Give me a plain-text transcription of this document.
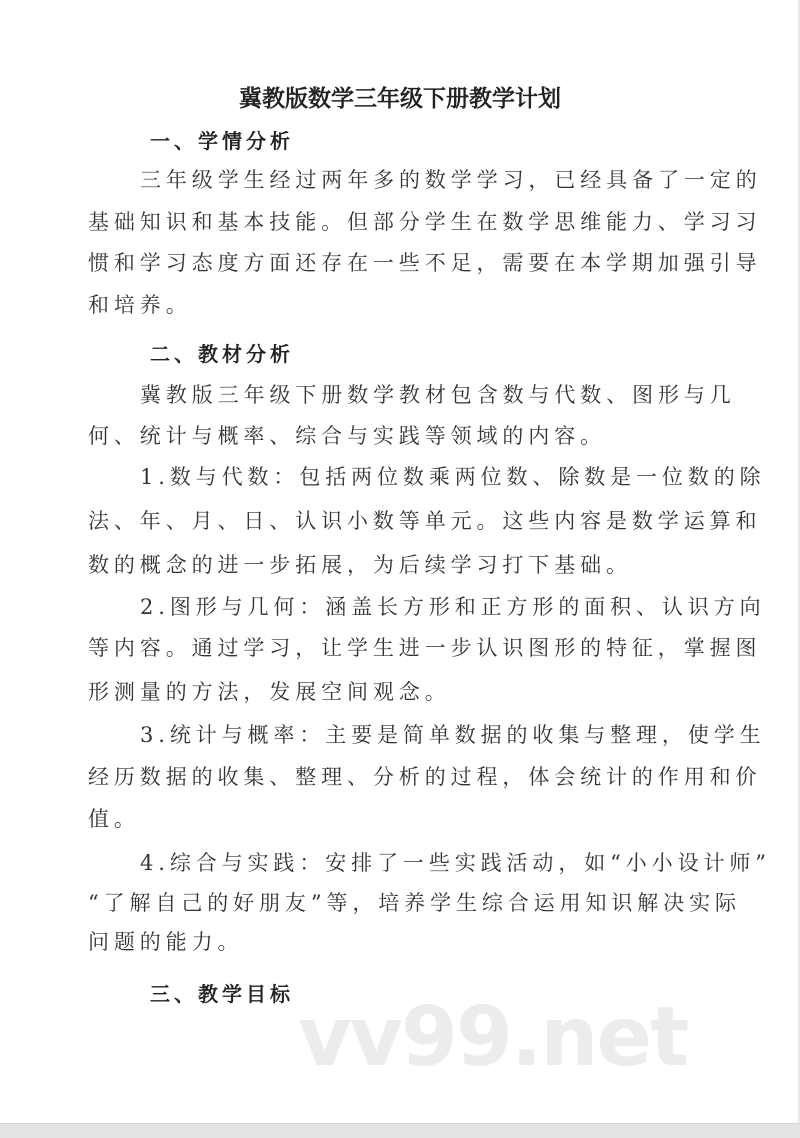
冀教版数学三年级下册教学计划
一、学情分析
三年级学生经过两年多的数学学习，已经具备了一定的
基础知识和基本技能。但部分学生在数学思维能力、学习习
惯和学习态度方面还存在一些不足，需要在本学期加强引导
和培养。
二、教材分析
冀教版三年级下册数学教材包含数与代数、图形与几
何、统计与概率、综合与实践等领域的内容。
1.数与代数：包括两位数乘两位数、除数是一位数的除
法、年、月、日、认识小数等单元。这些内容是数学运算和
数的概念的进一步拓展，为后续学习打下基础。
2.图形与几何：涵盖长方形和正方形的面积、认识方向
等内容。通过学习，让学生进一步认识图形的特征，掌握图
形测量的方法，发展空间观念。
3.统计与概率：主要是简单数据的收集与整理，使学生
经历数据的收集、整理、分析的过程，体会统计的作用和价
值。
4.综合与实践：安排了一些实践活动，如“小小设计师”
“了解自己的好朋友”等，培养学生综合运用知识解决实际
问题的能力。
三、教学目标 vv99.net
